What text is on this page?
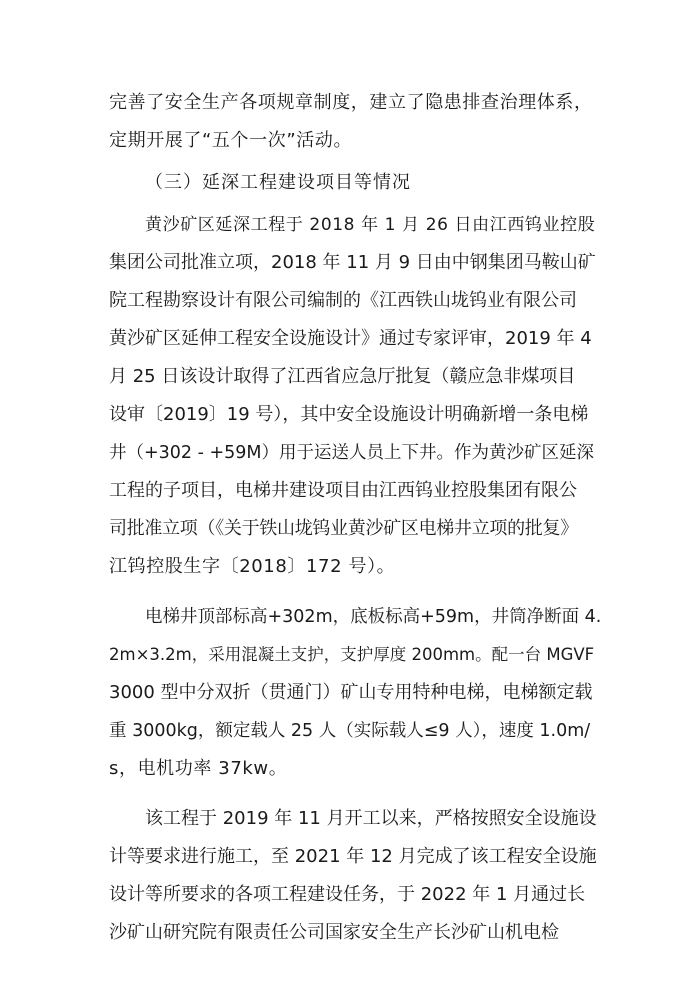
完善了安全生产各项规章制度，建立了隐患排查治理体系，
定期开展了“五个一次”活动。
（三）延深工程建设项目等情况
黄沙矿区延深工程于 2018 年 1 月 26 日由江西钨业控股
集团公司批准立项，2018 年 11 月 9 日由中钢集团马鞍山矿
院工程勘察设计有限公司编制的《江西铁山垅钨业有限公司
黄沙矿区延伸工程安全设施设计》通过专家评审，2019 年 4
月 25 日该设计取得了江西省应急厅批复（赣应急非煤项目
设审〔2019〕19 号），其中安全设施设计明确新增一条电梯
井（+302 - +59M）用于运送人员上下井。作为黄沙矿区延深
工程的子项目，电梯井建设项目由江西钨业控股集团有限公
司批准立项（《关于铁山垅钨业黄沙矿区电梯井立项的批复》
江钨控股生字〔2018〕172 号）。
电梯井顶部标高+302m，底板标高+59m，井筒净断面 4.
2m×3.2m，采用混凝土支护，支护厚度 200mm。配一台 MGVF
3000 型中分双折（贯通门）矿山专用特种电梯，电梯额定载
重 3000kg，额定载人 25 人（实际载人≤9 人），速度 1.0m/
s，电机功率 37kw。
该工程于 2019 年 11 月开工以来，严格按照安全设施设
计等要求进行施工，至 2021 年 12 月完成了该工程安全设施
设计等所要求的各项工程建设任务，于 2022 年 1 月通过长
沙矿山研究院有限责任公司国家安全生产长沙矿山机电检
